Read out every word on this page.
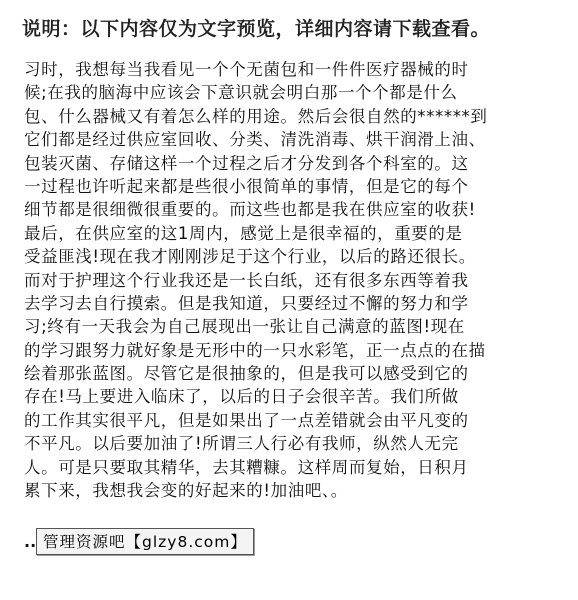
说明：以下内容仅为文字预览，详细内容请下载查看。
习时，我想每当我看见一个个无菌包和一件件医疗器械的时
候;在我的脑海中应该会下意识就会明白那一个个都是什么
包、什么器械又有着怎么样的用途。然后会很自然的******到
它们都是经过供应室回收、分类、清洗消毒、烘干润滑上油、
包装灭菌、存储这样一个过程之后才分发到各个科室的。这
一过程也许听起来都是些很小很简单的事情，但是它的每个
细节都是很细微很重要的。而这些也都是我在供应室的收获!
最后，在供应室的这1周内，感觉上是很幸福的，重要的是
受益匪浅!现在我才刚刚涉足于这个行业，以后的路还很长。
而对于护理这个行业我还是一长白纸，还有很多东西等着我
去学习去自行摸索。但是我知道，只要经过不懈的努力和学
习;终有一天我会为自己展现出一张让自己满意的蓝图!现在
的学习跟努力就好象是无形中的一只水彩笔，正一点点的在描
绘着那张蓝图。尽管它是很抽象的，但是我可以感受到它的
存在!马上要进入临床了，以后的日子会很辛苦。我们所做
的工作其实很平凡，但是如果出了一点差错就会由平凡变的
不平凡。以后要加油了!所谓三人行必有我师，纵然人无完
人。可是只要取其精华，去其糟糠。这样周而复始，日积月
累下来，我想我会变的好起来的!加油吧、。
.. 管理资源吧【glzy8.com】
